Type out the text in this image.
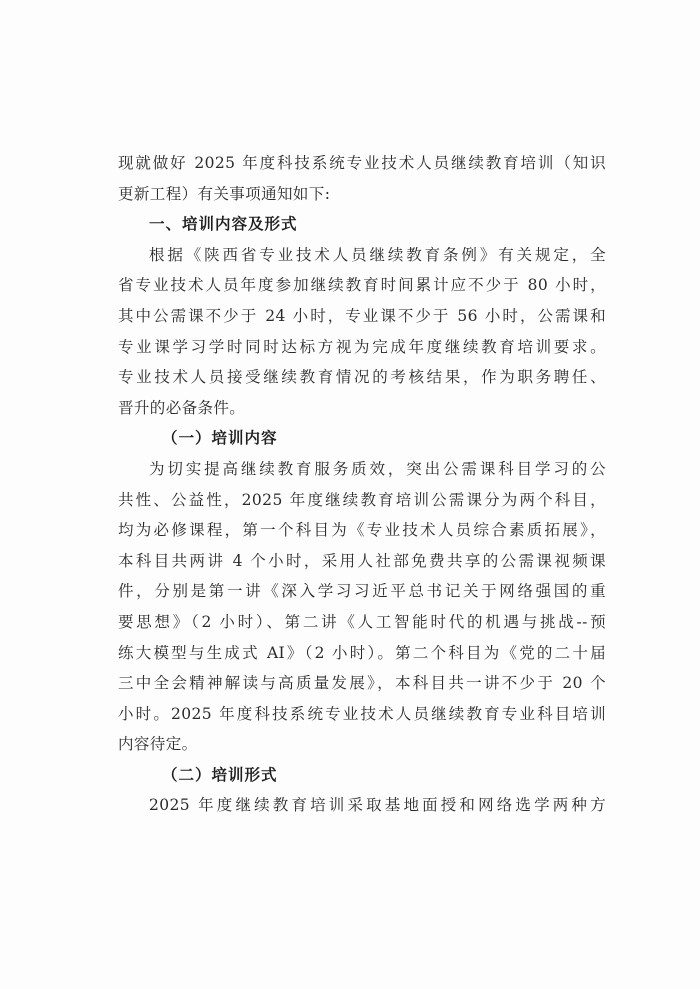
现就做好 2025 年度科技系统专业技术人员继续教育培训（知识
更新工程）有关事项通知如下:
一、培训内容及形式
根据《陕西省专业技术人员继续教育条例》有关规定，全
省专业技术人员年度参加继续教育时间累计应不少于 80 小时，
其中公需课不少于 24 小时，专业课不少于 56 小时，公需课和
专业课学习学时同时达标方视为完成年度继续教育培训要求。
专业技术人员接受继续教育情况的考核结果，作为职务聘任、
晋升的必备条件。
（一）培训内容
为切实提高继续教育服务质效，突出公需课科目学习的公
共性、公益性，2025 年度继续教育培训公需课分为两个科目，
均为必修课程，第一个科目为《专业技术人员综合素质拓展》，
本科目共两讲 4 个小时，采用人社部免费共享的公需课视频课
件，分别是第一讲《深入学习习近平总书记关于网络强国的重
要思想》（2 小时）、第二讲《人工智能时代的机遇与挑战--预
练大模型与生成式 AI》（2 小时）。第二个科目为《党的二十届
三中全会精神解读与高质量发展》，本科目共一讲不少于 20 个
小时。2025 年度科技系统专业技术人员继续教育专业科目培训
内容待定。
（二）培训形式
2025 年度继续教育培训采取基地面授和网络选学两种方
